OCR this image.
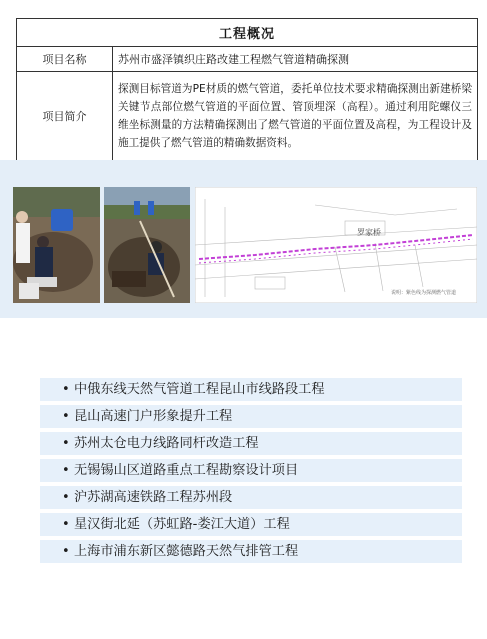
工程概况	
项目名称	苏州市盛泽镇织庄路改建工程燃气管道精确探测
项目简介	探测目标管道为PE材质的燃气管道，委托单位技术要求精确探测出新建桥梁关键节点部位燃气管道的平面位置、管顶埋深（高程）。通过利用陀螺仪三维坐标测量的方法精确探测出了燃气管道的平面位置及高程，为工程设计及施工提供了燃气管道的精确数据资料。
罗家桥
说明：紫色线为探测燃气管道
• 中俄东线天然气管道工程昆山市线路段工程
• 昆山高速门户形象提升工程
• 苏州太仓电力线路同杆改造工程
• 无锡锡山区道路重点工程勘察设计项目
• 沪苏湖高速铁路工程苏州段
• 星汉街北延（苏虹路-娄江大道）工程
• 上海市浦东新区懿德路天然气排管工程
